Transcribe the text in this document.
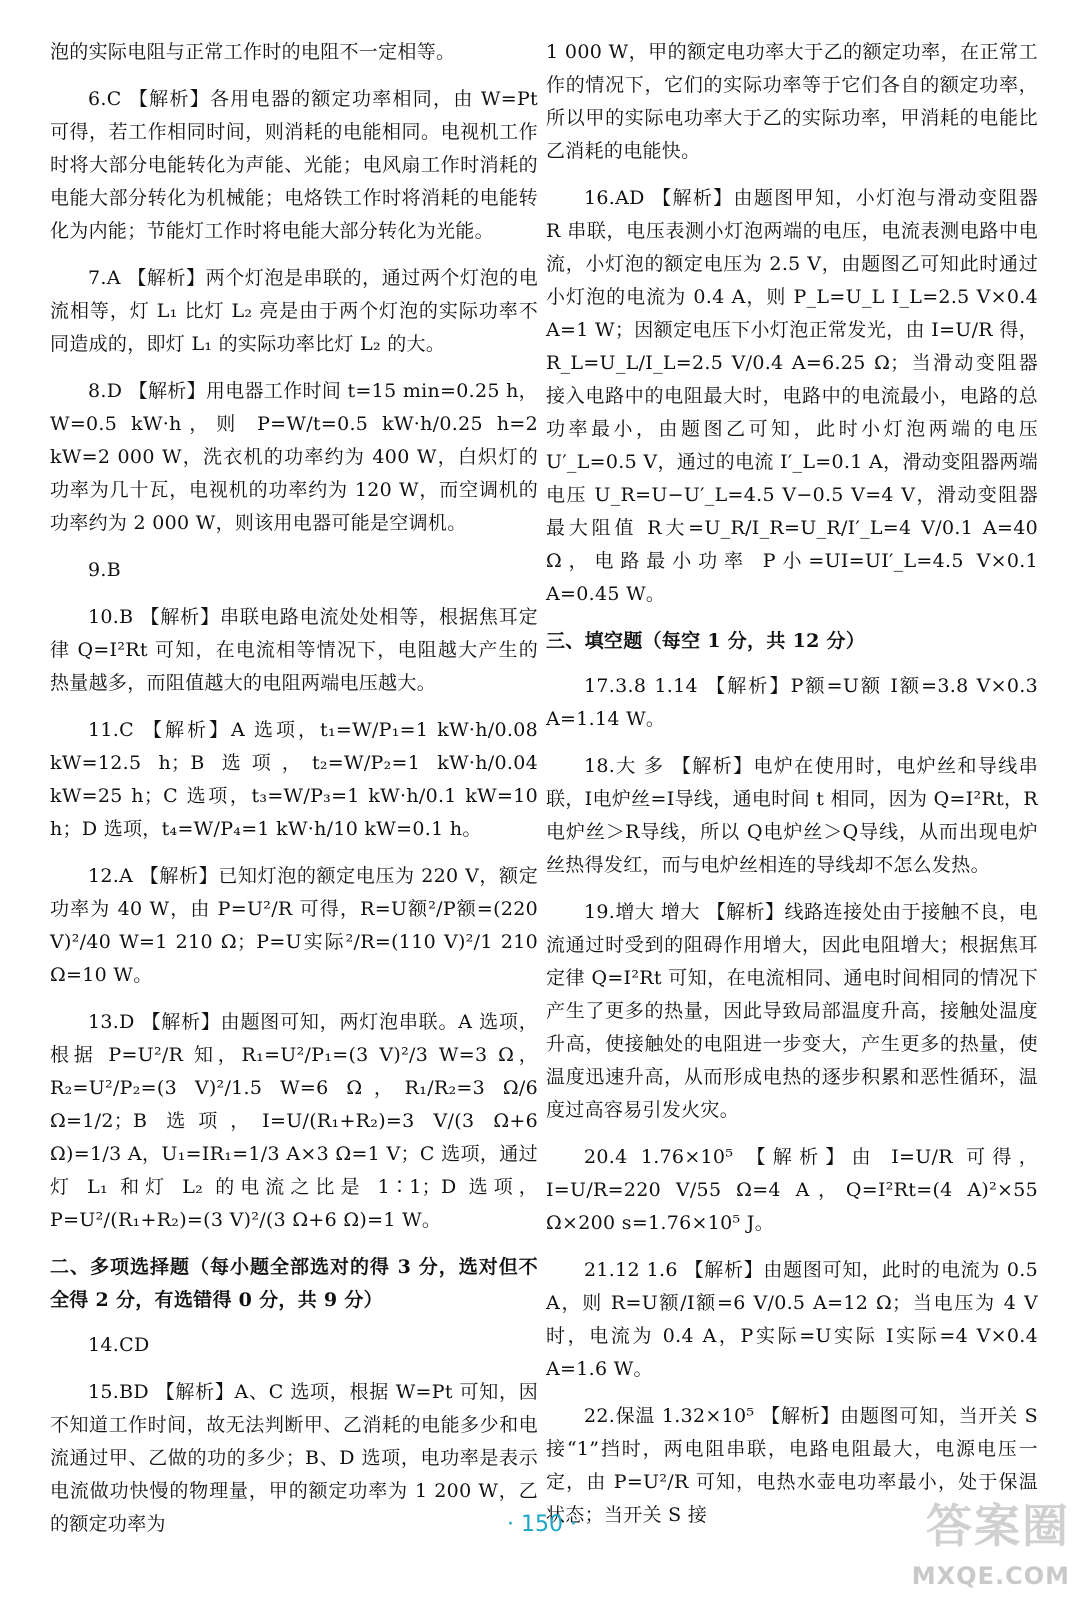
泡的实际电阻与正常工作时的电阻不一定相等。

6.C 【解析】各用电器的额定功率相同，由 W=Pt 可得，若工作相同时间，则消耗的电能相同。电视机工作时将大部分电能转化为声能、光能；电风扇工作时消耗的电能大部分转化为机械能；电烙铁工作时将消耗的电能转化为内能；节能灯工作时将电能大部分转化为光能。

7.A 【解析】两个灯泡是串联的，通过两个灯泡的电流相等，灯 L₁ 比灯 L₂ 亮是由于两个灯泡的实际功率不同造成的，即灯 L₁ 的实际功率比灯 L₂ 的大。

8.D 【解析】用电器工作时间 t=15 min=0.25 h，W=0.5 kW·h，则 P=W/t=0.5 kW·h/0.25 h=2 kW=2 000 W，洗衣机的功率约为 400 W，白炽灯的功率为几十瓦，电视机的功率约为 120 W，而空调机的功率约为 2 000 W，则该用电器可能是空调机。

9.B

10.B 【解析】串联电路电流处处相等，根据焦耳定律 Q=I²Rt 可知，在电流相等情况下，电阻越大产生的热量越多，而阻值越大的电阻两端电压越大。

11.C 【解析】A 选项，t₁=W/P₁=1 kW·h/0.08 kW=12.5 h；B 选项，t₂=W/P₂=1 kW·h/0.04 kW=25 h；C 选项，t₃=W/P₃=1 kW·h/0.1 kW=10 h；D 选项，t₄=W/P₄=1 kW·h/10 kW=0.1 h。

12.A 【解析】已知灯泡的额定电压为 220 V，额定功率为 40 W，由 P=U²/R 可得，R=U额²/P额=(220 V)²/40 W=1 210 Ω；P=U实际²/R=(110 V)²/1 210 Ω=10 W。

13.D 【解析】由题图可知，两灯泡串联。A 选项，根据 P=U²/R 知，R₁=U²/P₁=(3 V)²/3 W=3 Ω，R₂=U²/P₂=(3 V)²/1.5 W=6 Ω，R₁/R₂=3 Ω/6 Ω=1/2；B 选项，I=U/(R₁+R₂)=3 V/(3 Ω+6 Ω)=1/3 A，U₁=IR₁=1/3 A×3 Ω=1 V；C 选项，通过灯 L₁ 和灯 L₂ 的电流之比是 1∶1；D 选项，P=U²/(R₁+R₂)=(3 V)²/(3 Ω+6 Ω)=1 W。

二、多项选择题（每小题全部选对的得 3 分，选对但不全得 2 分，有选错得 0 分，共 9 分）

14.CD

15.BD 【解析】A、C 选项，根据 W=Pt 可知，因不知道工作时间，故无法判断甲、乙消耗的电能多少和电流通过甲、乙做的功的多少；B、D 选项，电功率是表示电流做功快慢的物理量，甲的额定功率为 1 200 W，乙的额定功率为

1 000 W，甲的额定电功率大于乙的额定功率，在正常工作的情况下，它们的实际功率等于它们各自的额定功率，所以甲的实际电功率大于乙的实际功率，甲消耗的电能比乙消耗的电能快。

16.AD 【解析】由题图甲知，小灯泡与滑动变阻器 R 串联，电压表测小灯泡两端的电压，电流表测电路中电流，小灯泡的额定电压为 2.5 V，由题图乙可知此时通过小灯泡的电流为 0.4 A，则 P_L=U_L I_L=2.5 V×0.4 A=1 W；因额定电压下小灯泡正常发光，由 I=U/R 得，R_L=U_L/I_L=2.5 V/0.4 A=6.25 Ω；当滑动变阻器接入电路中的电阻最大时，电路中的电流最小，电路的总功率最小，由题图乙可知，此时小灯泡两端的电压 U′_L=0.5 V，通过的电流 I′_L=0.1 A，滑动变阻器两端电压 U_R=U−U′_L=4.5 V−0.5 V=4 V，滑动变阻器最大阻值 R大=U_R/I_R=U_R/I′_L=4 V/0.1 A=40 Ω，电路最小功率 P小=UI=UI′_L=4.5 V×0.1 A=0.45 W。

三、填空题（每空 1 分，共 12 分）

17.3.8 1.14 【解析】P额=U额 I额=3.8 V×0.3 A=1.14 W。

18.大 多 【解析】电炉在使用时，电炉丝和导线串联，I电炉丝=I导线，通电时间 t 相同，因为 Q=I²Rt，R电炉丝＞R导线，所以 Q电炉丝＞Q导线，从而出现电炉丝热得发红，而与电炉丝相连的导线却不怎么发热。

19.增大 增大 【解析】线路连接处由于接触不良，电流通过时受到的阻碍作用增大，因此电阻增大；根据焦耳定律 Q=I²Rt 可知，在电流相同、通电时间相同的情况下产生了更多的热量，因此导致局部温度升高，接触处温度升高，使接触处的电阻进一步变大，产生更多的热量，使温度迅速升高，从而形成电热的逐步积累和恶性循环，温度过高容易引发火灾。

20.4 1.76×10⁵ 【解析】由 I=U/R 可得，I=U/R=220 V/55 Ω=4 A，Q=I²Rt=(4 A)²×55 Ω×200 s=1.76×10⁵ J。

21.12 1.6 【解析】由题图可知，此时的电流为 0.5 A，则 R=U额/I额=6 V/0.5 A=12 Ω；当电压为 4 V 时，电流为 0.4 A，P实际=U实际 I实际=4 V×0.4 A=1.6 W。

22.保温 1.32×10⁵ 【解析】由题图可知，当开关 S 接“1”挡时，两电阻串联，电路电阻最大，电源电压一定，由 P=U²/R 可知，电热水壶电功率最小，处于保温状态；当开关 S 接

· 150 ·	答案圈
MXQE.COM
